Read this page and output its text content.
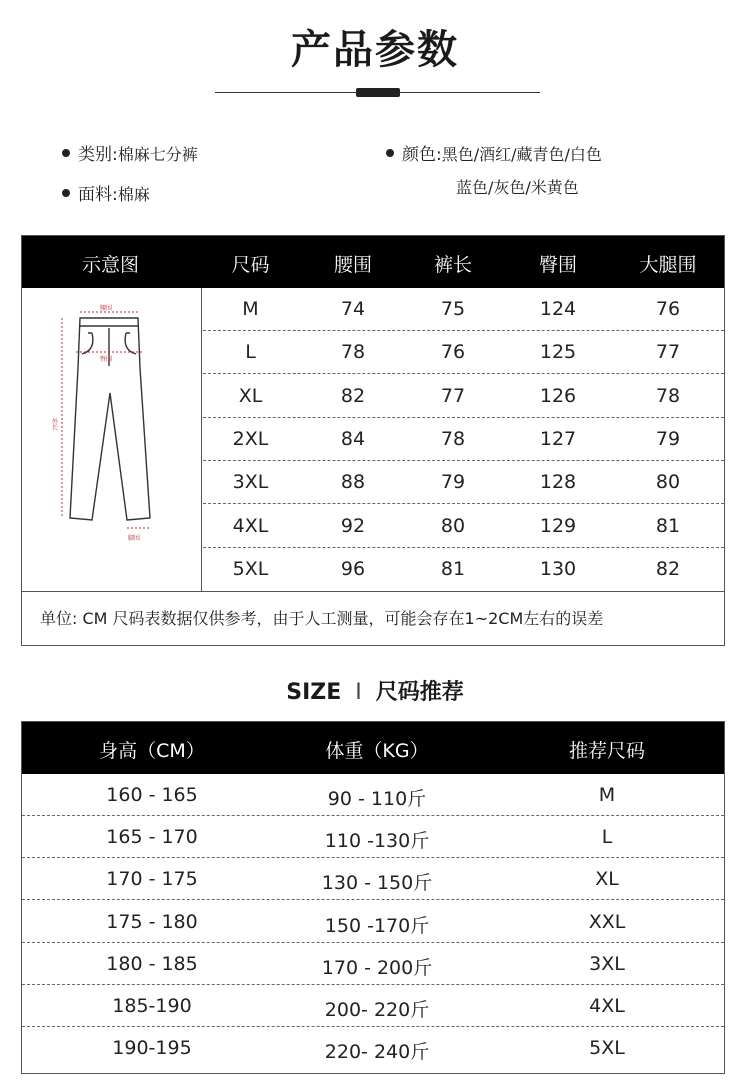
产品参数
类别:棉麻七分裤
面料:棉麻
颜色:黑色/酒红/藏青色/白色
蓝色/灰色/米黄色
示意图	尺码	腰围	裤长	臀围	大腿围
腰围
臀围
外长
脚围
M	74	75	124	76
L	78	76	125	77
XL	82	77	126	78
2XL	84	78	127	79
3XL	88	79	128	80
4XL	92	80	129	81
5XL	96	81	130	82
单位: CM 尺码表数据仅供参考，由于人工测量，可能会存在1~2CM左右的误差
SIZE I 尺码推荐
身高（CM）	体重（KG）	推荐尺码
160 - 165	90 - 110斤	M
165 - 170	110 -130斤	L
170 - 175	130 - 150斤	XL
175 - 180	150 -170斤	XXL
180 - 185	170 - 200斤	3XL
185-190	200- 220斤	4XL
190-195	220- 240斤	5XL
